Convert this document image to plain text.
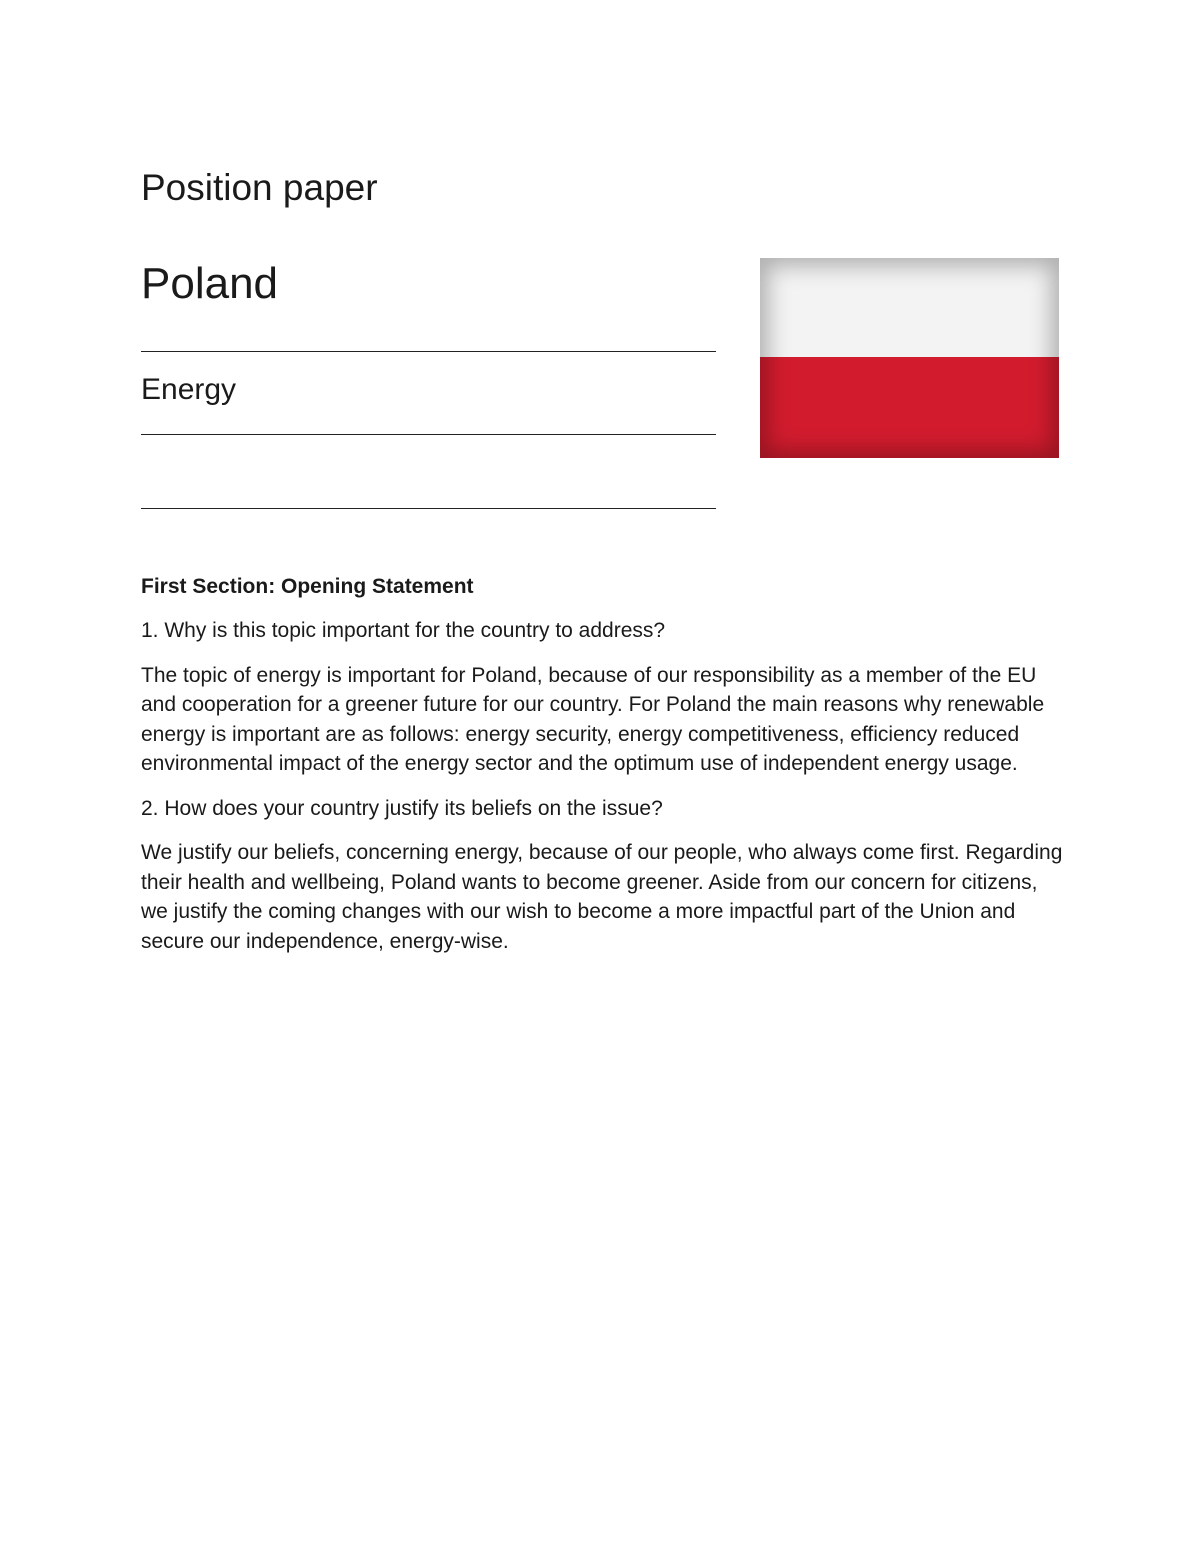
Position paper
Poland

Energy

First Section: Opening Statement

1. Why is this topic important for the country to address?

The topic of energy is important for Poland, because of our responsibility as a member of the EU and cooperation for a greener future for our country. For Poland the main reasons why renewable energy is important are as follows: energy security, energy competitiveness, efficiency reduced environmental impact of the energy sector and the optimum use of independent energy usage.

2. How does your country justify its beliefs on the issue?

We justify our beliefs, concerning energy, because of our people, who always come first. Regarding their health and wellbeing, Poland wants to become greener. Aside from our concern for citizens, we justify the coming changes with our wish to become a more impactful part of the Union and secure our independence, energy-wise.
